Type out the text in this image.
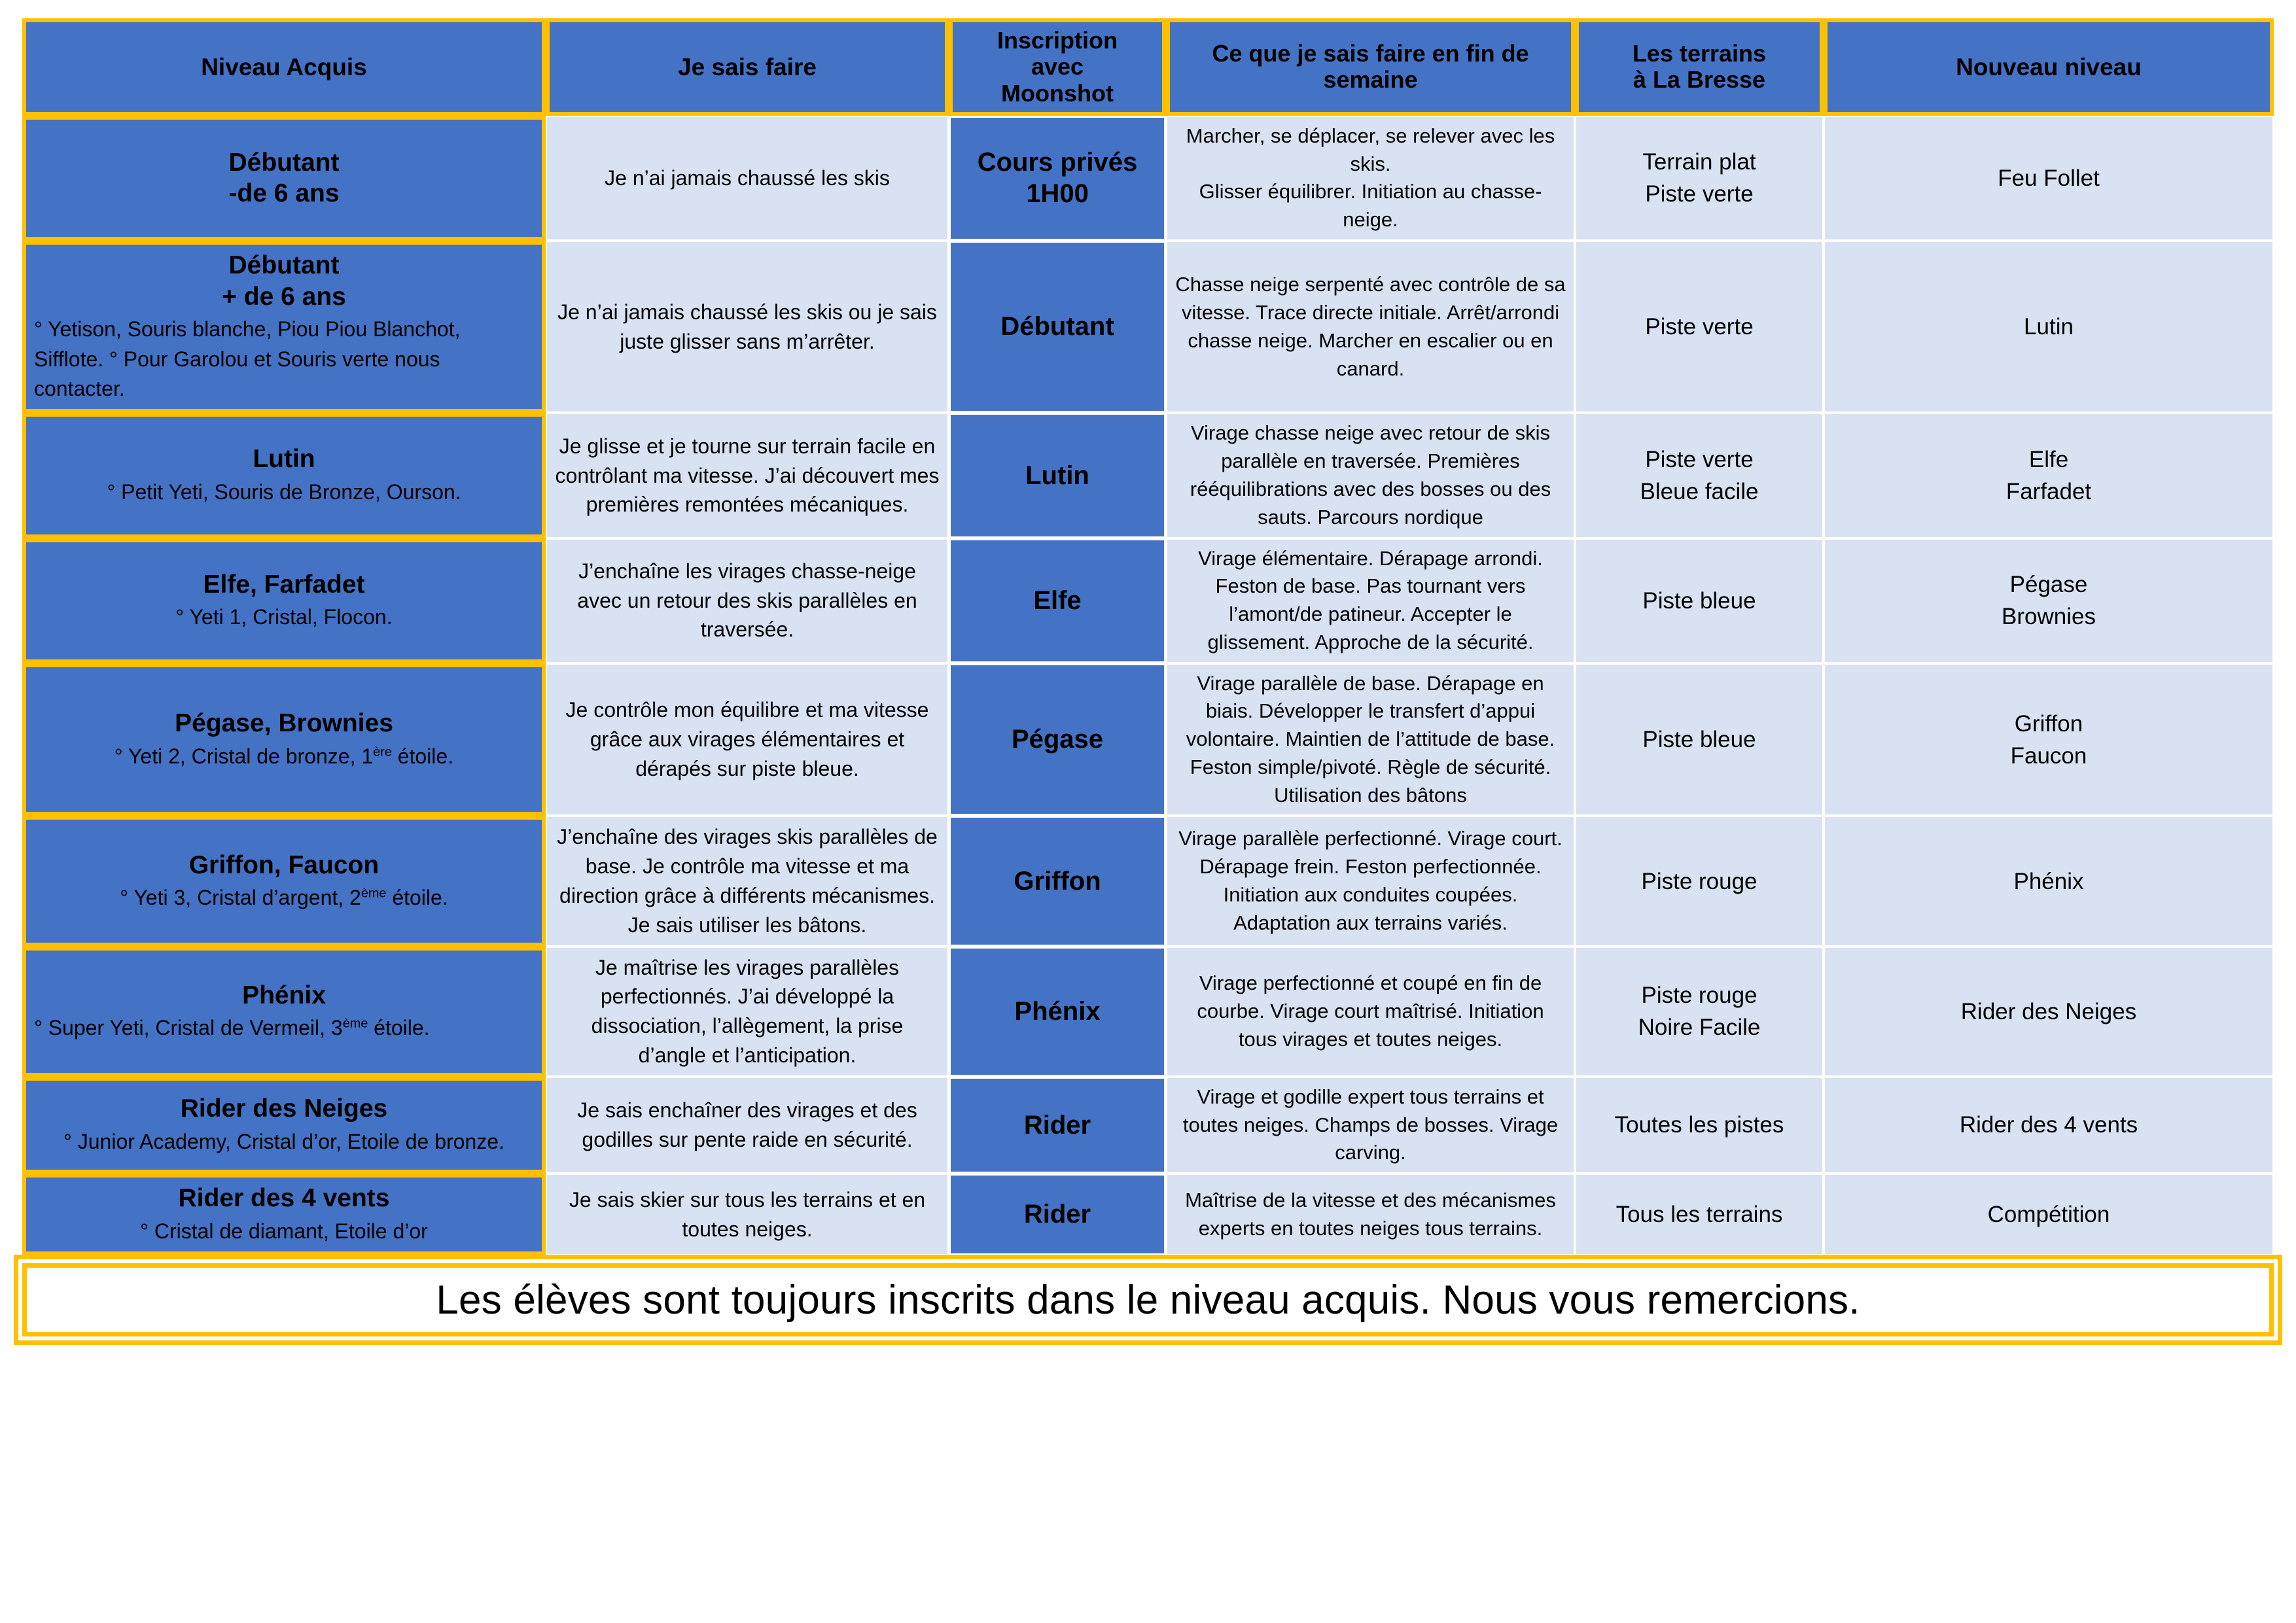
Niveau Acquis	Je sais faire	Inscription
avec
Moonshot	Ce que je sais faire en fin de
semaine	Les terrains
à La Bresse	Nouveau niveau

Débutant
-de 6 ans	Je n’ai jamais chaussé les skis	Cours privés
1H00	Marcher, se déplacer, se relever avec les skis.
Glisser équilibrer. Initiation au chasse- neige.	Terrain plat
Piste verte	Feu Follet

Débutant
+ de 6 ans
° Yetison, Souris blanche, Piou Piou Blanchot, Sifflote. ° Pour Garolou et Souris verte nous contacter.	Je n’ai jamais chaussé les skis ou je sais juste glisser sans m’arrêter.	Débutant	Chasse neige serpenté avec contrôle de sa vitesse. Trace directe initiale. Arrêt/arrondi chasse neige. Marcher en escalier ou en canard.	Piste verte	Lutin

Lutin
° Petit Yeti, Souris de Bronze, Ourson.
	Je glisse et je tourne sur terrain facile en contrôlant ma vitesse. J’ai découvert mes premières remontées mécaniques.	Lutin	Virage chasse neige avec retour de skis parallèle en traversée. Premières rééquilibrations avec des bosses ou des sauts. Parcours nordique	Piste verte
Bleue facile	Elfe
Farfadet

Elfe, Farfadet
° Yeti 1, Cristal, Flocon.
	J’enchaîne les virages chasse-neige avec un retour des skis parallèles en traversée.	Elfe	Virage élémentaire. Dérapage arrondi. Feston de base. Pas tournant vers l’amont/de patineur. Accepter le glissement. Approche de la sécurité.	Piste bleue	Pégase
Brownies

Pégase, Brownies
° Yeti 2, Cristal de bronze, 1ère étoile.
	Je contrôle mon équilibre et ma vitesse grâce aux virages élémentaires et dérapés sur piste bleue.	Pégase	Virage parallèle de base. Dérapage en biais. Développer le transfert d’appui volontaire. Maintien de l’attitude de base. Feston simple/pivoté. Règle de sécurité. Utilisation des bâtons	Piste bleue	Griffon
Faucon

Griffon, Faucon
° Yeti 3, Cristal d’argent, 2ème étoile.
	J’enchaîne des virages skis parallèles de base. Je contrôle ma vitesse et ma direction grâce à différents mécanismes.
Je sais utiliser les bâtons.	Griffon	Virage parallèle perfectionné. Virage court. Dérapage frein. Feston perfectionnée. Initiation aux conduites coupées. Adaptation aux terrains variés.	Piste rouge	Phénix

Phénix
° Super Yeti, Cristal de Vermeil, 3ème étoile.
	Je maîtrise les virages parallèles perfectionnés. J’ai développé la dissociation, l’allègement, la prise d’angle et l’anticipation.	Phénix	Virage perfectionné et coupé en fin de courbe. Virage court maîtrisé. Initiation tous virages et toutes neiges.	Piste rouge
Noire Facile	Rider des Neiges

Rider des Neiges
° Junior Academy, Cristal d’or, Etoile de bronze.	Je sais enchaîner des virages et des godilles sur pente raide en sécurité.	Rider	Virage et godille expert tous terrains et toutes neiges. Champs de bosses. Virage carving.	Toutes les pistes	Rider des 4 vents

Rider des 4 vents
° Cristal de diamant, Etoile d’or	Je sais skier sur tous les terrains et en toutes neiges.	Rider	Maîtrise de la vitesse et des mécanismes experts en toutes neiges tous terrains.	Tous les terrains	Compétition
Les élèves sont toujours inscrits dans le niveau acquis. Nous vous remercions.
